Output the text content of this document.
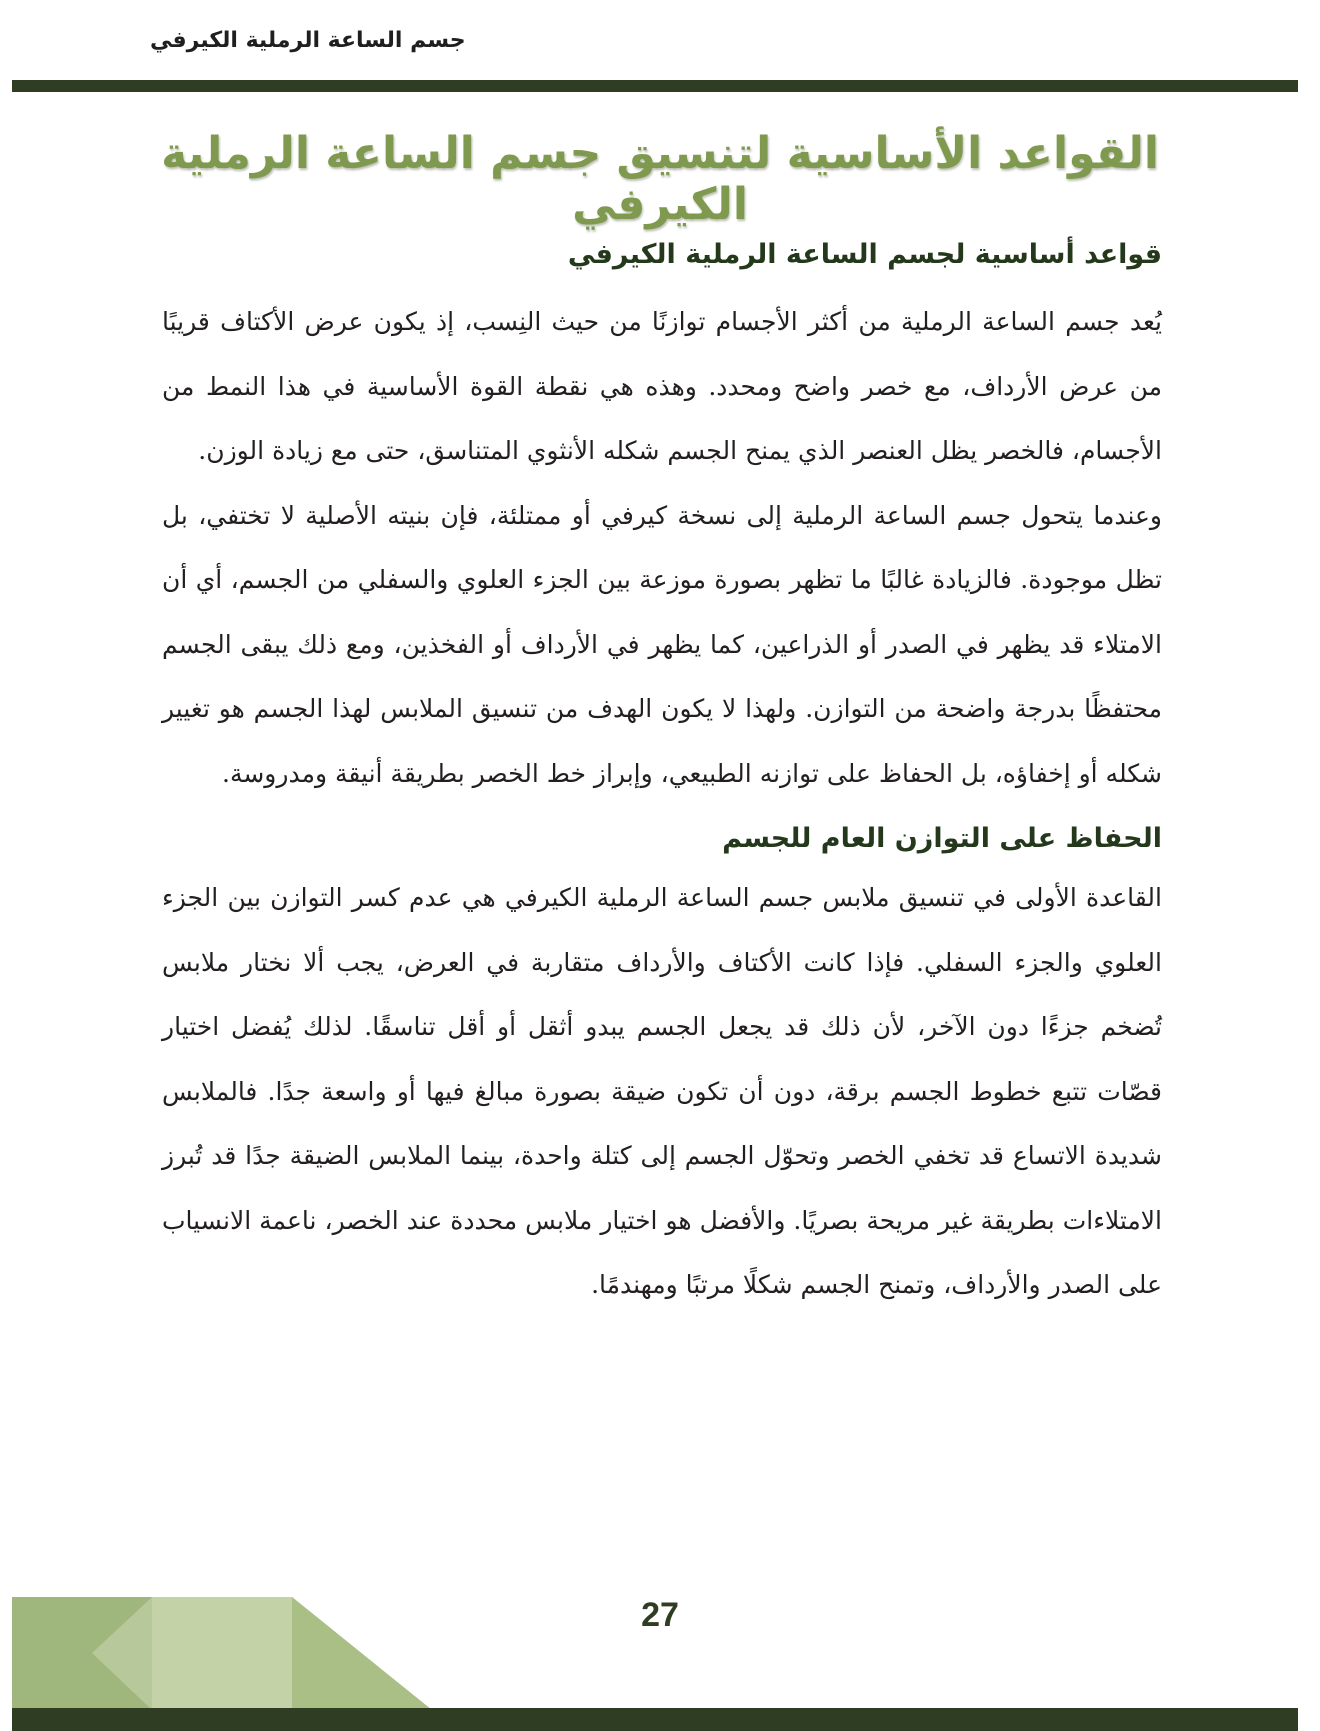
جسم الساعة الرملية الكيرفي
القواعد الأساسية لتنسيق جسم الساعة الرملية الكيرفي
قواعد أساسية لجسم الساعة الرملية الكيرفي

يُعد جسم الساعة الرملية من أكثر الأجسام توازنًا من حيث النِسب، إذ يكون عرض الأكتاف قريبًا من عرض الأرداف، مع خصر واضح ومحدد. وهذه هي نقطة القوة الأساسية في هذا النمط من الأجسام، فالخصر يظل العنصر الذي يمنح الجسم شكله الأنثوي المتناسق، حتى مع زيادة الوزن.

وعندما يتحول جسم الساعة الرملية إلى نسخة كيرفي أو ممتلئة، فإن بنيته الأصلية لا تختفي، بل تظل موجودة. فالزيادة غالبًا ما تظهر بصورة موزعة بين الجزء العلوي والسفلي من الجسم، أي أن الامتلاء قد يظهر في الصدر أو الذراعين، كما يظهر في الأرداف أو الفخذين، ومع ذلك يبقى الجسم محتفظًا بدرجة واضحة من التوازن. ولهذا لا يكون الهدف من تنسيق الملابس لهذا الجسم هو تغيير شكله أو إخفاؤه، بل الحفاظ على توازنه الطبيعي، وإبراز خط الخصر بطريقة أنيقة ومدروسة.

الحفاظ على التوازن العام للجسم

القاعدة الأولى في تنسيق ملابس جسم الساعة الرملية الكيرفي هي عدم كسر التوازن بين الجزء العلوي والجزء السفلي. فإذا كانت الأكتاف والأرداف متقاربة في العرض، يجب ألا نختار ملابس تُضخم جزءًا دون الآخر، لأن ذلك قد يجعل الجسم يبدو أثقل أو أقل تناسقًا. لذلك يُفضل اختيار قصّات تتبع خطوط الجسم برقة، دون أن تكون ضيقة بصورة مبالغ فيها أو واسعة جدًا. فالملابس شديدة الاتساع قد تخفي الخصر وتحوّل الجسم إلى كتلة واحدة، بينما الملابس الضيقة جدًا قد تُبرز الامتلاءات بطريقة غير مريحة بصريًا. والأفضل هو اختيار ملابس محددة عند الخصر، ناعمة الانسياب على الصدر والأرداف، وتمنح الجسم شكلًا مرتبًا ومهندمًا.

27
